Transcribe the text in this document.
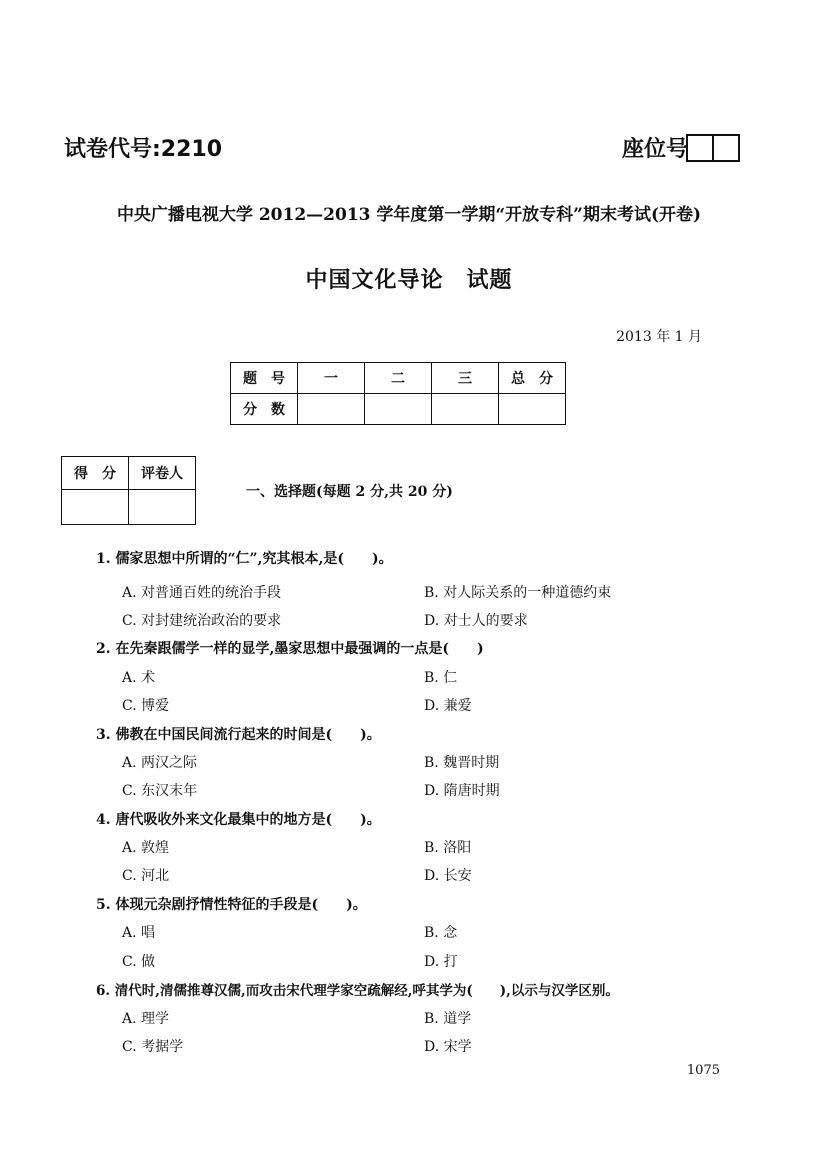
试卷代号:2210	座位号
中央广播电视大学 2012—2013 学年度第一学期“开放专科”期末考试(开卷)
中国文化导论　试题
2013 年 1 月
题　号	一	二	三	总　分
分　数				
得　分	评卷人

一、选择题(每题 2 分,共 20 分)
1. 儒家思想中所谓的“仁”,究其根本,是(　　)。
A. 对普通百姓的统治手段	B. 对人际关系的一种道德约束
C. 对封建统治政治的要求	D. 对士人的要求
2. 在先秦跟儒学一样的显学,墨家思想中最强调的一点是(　　)
A. 术	B. 仁
C. 博爱	D. 兼爱
3. 佛教在中国民间流行起来的时间是(　　)。
A. 两汉之际	B. 魏晋时期
C. 东汉末年	D. 隋唐时期
4. 唐代吸收外来文化最集中的地方是(　　)。
A. 敦煌	B. 洛阳
C. 河北	D. 长安
5. 体现元杂剧抒情性特征的手段是(　　)。
A. 唱	B. 念
C. 做	D. 打
6. 清代时,清儒推尊汉儒,而攻击宋代理学家空疏解经,呼其学为(　　),以示与汉学区别。
A. 理学	B. 道学
C. 考据学	D. 宋学
1075
